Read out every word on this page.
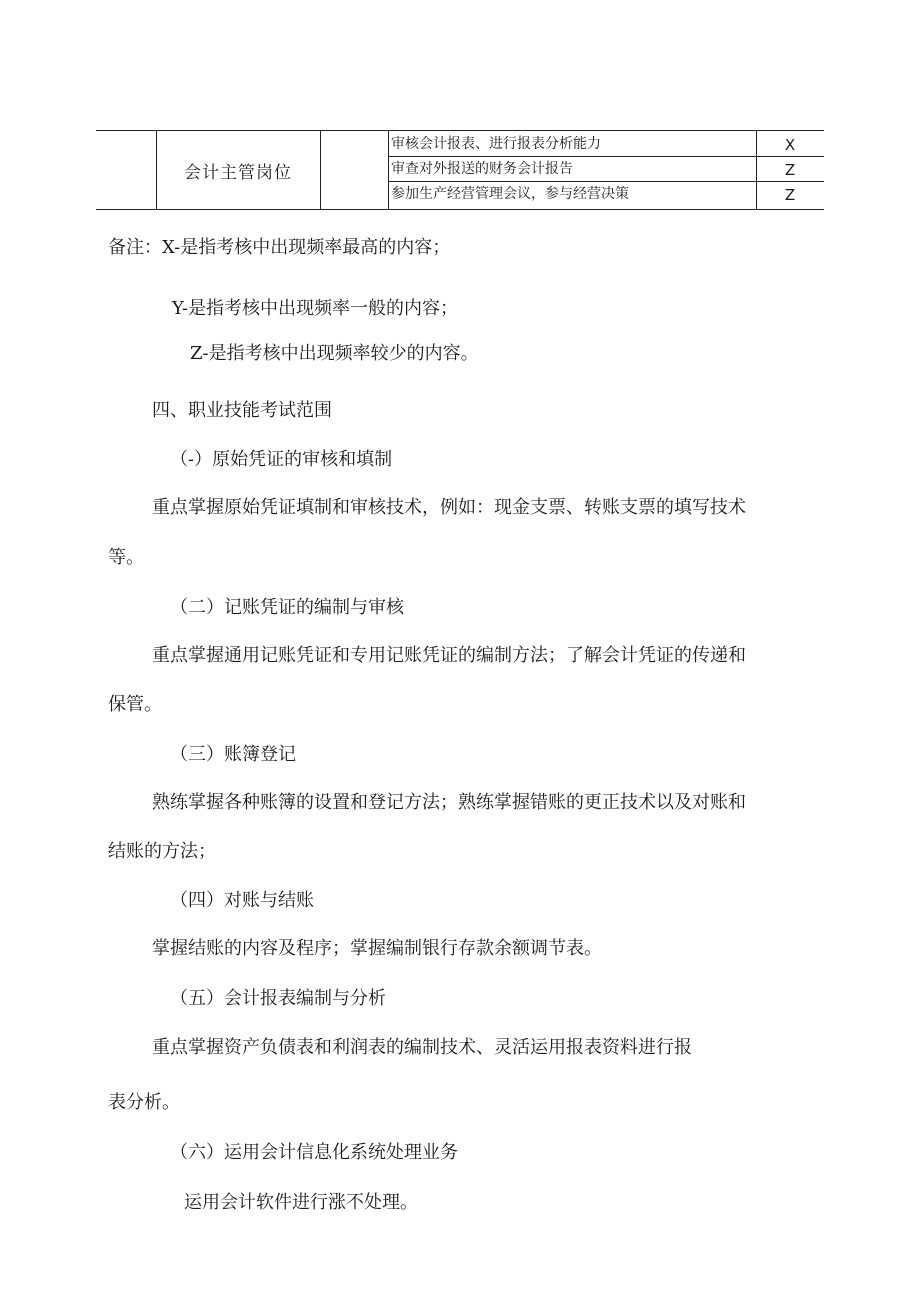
会计主管岗位
审核会计报表、进行报表分析能力	X
审查对外报送的财务会计报告	Z
参加生产经营管理会议，参与经营决策	Z
备注：X-是指考核中出现频率最高的内容；
Y-是指考核中出现频率一般的内容；
Z-是指考核中出现频率较少的内容。
四、职业技能考试范围
（-）原始凭证的审核和填制
重点掌握原始凭证填制和审核技术，例如：现金支票、转账支票的填写技术
等。
（二）记账凭证的编制与审核
重点掌握通用记账凭证和专用记账凭证的编制方法；了解会计凭证的传递和
保管。
（三）账簿登记
熟练掌握各种账簿的设置和登记方法；熟练掌握错账的更正技术以及对账和
结账的方法；
（四）对账与结账
掌握结账的内容及程序；掌握编制银行存款余额调节表。
（五）会计报表编制与分析
重点掌握资产负债表和利润表的编制技术、灵活运用报表资料进行报
表分析。
（六）运用会计信息化系统处理业务
运用会计软件进行涨不处理。
